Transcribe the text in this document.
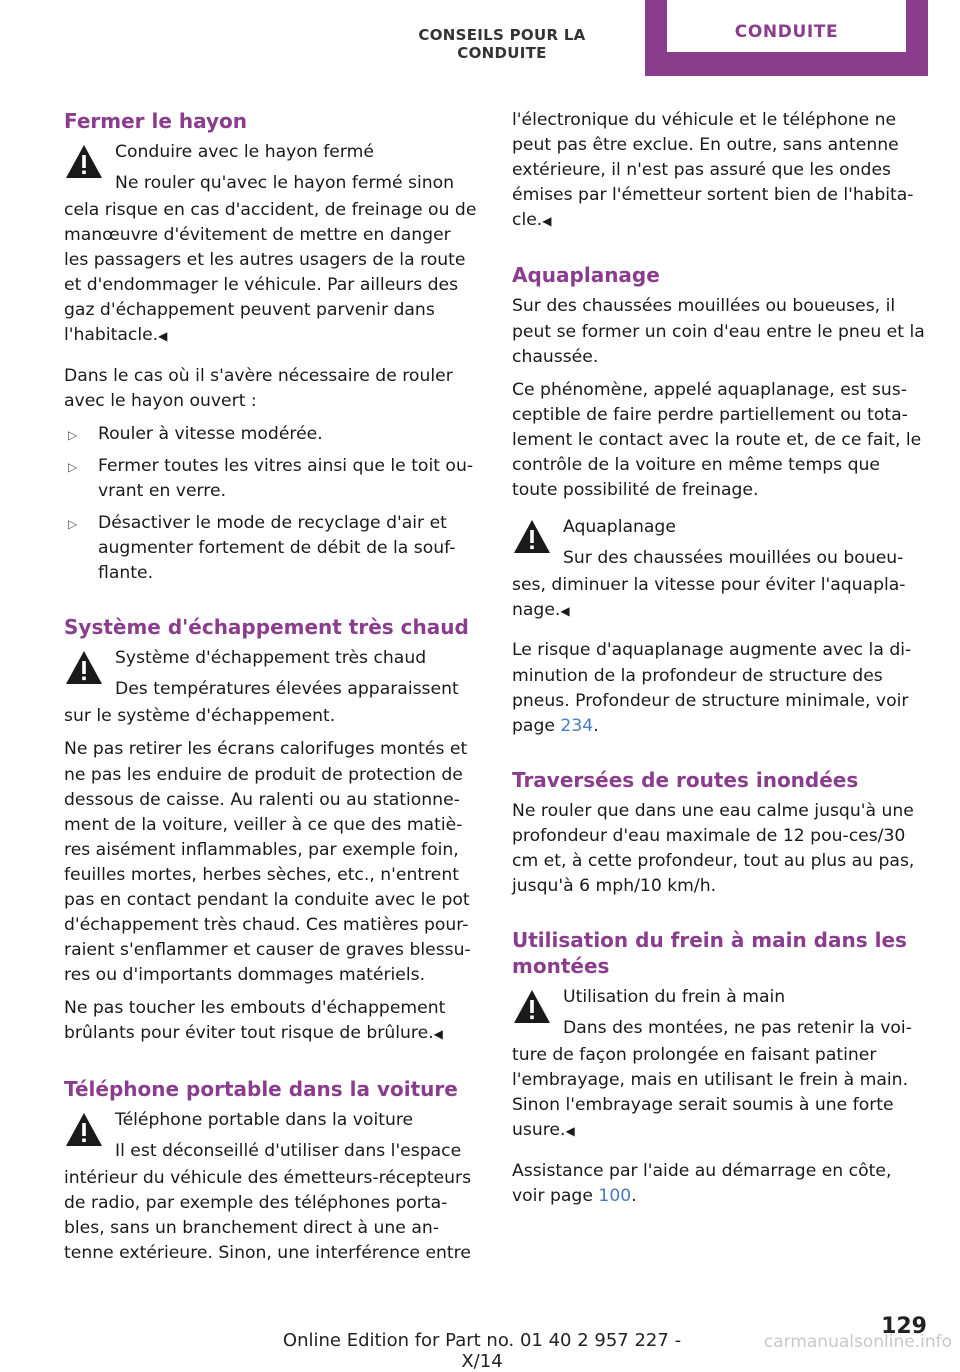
CONSEILS POUR LA CONDUITE
CONDUITE
Fermer le hayon
Conduire avec le hayon fermé
Ne rouler qu'avec le hayon fermé sinon

cela risque en cas d'accident, de freinage ou de manœuvre d'évitement de mettre en danger les passagers et les autres usagers de la route et d'endommager le véhicule. Par ailleurs des gaz d'échappement peuvent parvenir dans l'habitacle.◀

Dans le cas où il s'avère nécessaire de rouler avec le hayon ouvert :

▷ Rouler à vitesse modérée.
▷ Fermer toutes les vitres ainsi que le toit ou-vrant en verre.
▷ Désactiver le mode de recyclage d'air et augmenter fortement de débit de la souf-flante.
Système d'échappement très chaud
Système d'échappement très chaud
Des températures élevées apparaissent

sur le système d'échappement.

Ne pas retirer les écrans calorifuges montés et ne pas les enduire de produit de protection de dessous de caisse. Au ralenti ou au stationne-ment de la voiture, veiller à ce que des matiè-res aisément inflammables, par exemple foin, feuilles mortes, herbes sèches, etc., n'entrent pas en contact pendant la conduite avec le pot d'échappement très chaud. Ces matières pour-raient s'enflammer et causer de graves blessu-res ou d'importants dommages matériels.

Ne pas toucher les embouts d'échappement brûlants pour éviter tout risque de brûlure.◀

Téléphone portable dans la voiture
Téléphone portable dans la voiture
Il est déconseillé d'utiliser dans l'espace

intérieur du véhicule des émetteurs-récepteurs de radio, par exemple des téléphones porta-bles, sans un branchement direct à une an-tenne extérieure. Sinon, une interférence entre

l'électronique du véhicule et le téléphone ne peut pas être exclue. En outre, sans antenne extérieure, il n'est pas assuré que les ondes émises par l'émetteur sortent bien de l'habita-cle.◀

Aquaplanage

Sur des chaussées mouillées ou boueuses, il peut se former un coin d'eau entre le pneu et la chaussée.

Ce phénomène, appelé aquaplanage, est sus-ceptible de faire perdre partiellement ou tota-lement le contact avec la route et, de ce fait, le contrôle de la voiture en même temps que toute possibilité de freinage.

Aquaplanage
Sur des chaussées mouillées ou boueu-

ses, diminuer la vitesse pour éviter l'aquapla-nage.◀

Le risque d'aquaplanage augmente avec la di-minution de la profondeur de structure des pneus. Profondeur de structure minimale, voir page 234.

Traversées de routes inondées

Ne rouler que dans une eau calme jusqu'à une profondeur d'eau maximale de 12 pou-ces/30 cm et, à cette profondeur, tout au plus au pas, jusqu'à 6 mph/10 km/h.

Utilisation du frein à main dans les montées
Utilisation du frein à main
Dans des montées, ne pas retenir la voi-

ture de façon prolongée en faisant patiner l'embrayage, mais en utilisant le frein à main. Sinon l'embrayage serait soumis à une forte usure.◀

Assistance par l'aide au démarrage en côte, voir page 100.

129
Online Edition for Part no. 01 40 2 957 227 - X/14
carmanualsonline.info
